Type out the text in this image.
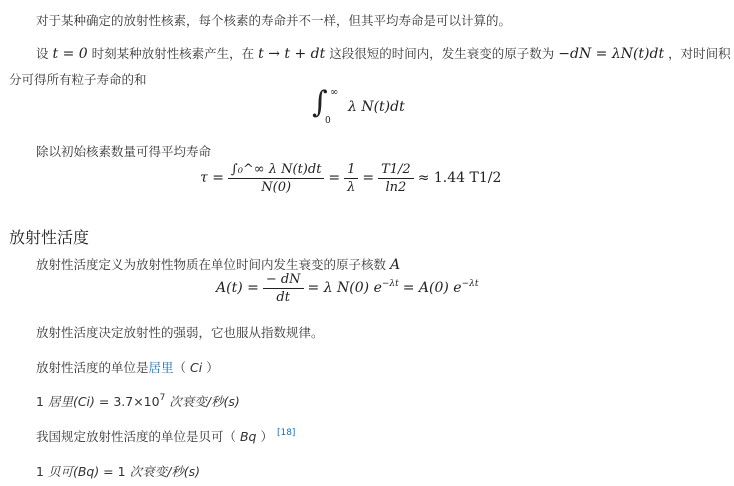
对于某种确定的放射性核素，每个核素的寿命并不一样，但其平均寿命是可以计算的。
设 t = 0 时刻某种放射性核素产生，在 t → t + dt 这段很短的时间内，发生衰变的原子数为 −dN = λN(t)dt ，对时间积
分可得所有粒子寿命的和
∫ ∞
0
λ N(t)dt
除以初始核素数量可得平均寿命
$\tau = \frac{\text{∫₀\textasciicircum{}∞ λ N(t)dt}}{N(0)} = \frac{1}{\lambda} = \frac{T1/2}{\ln 2} \approx 1.44$ T1/2
放射性活度
放射性活度定义为放射性物质在单位时间内发生衰变的原子核数 A
$A(t) = \frac{- dN}{dt} = \lambda$ N(0) $e^{-\lambda t} = A(0)$ $e^{-\lambda t}$
放射性活度决定放射性的强弱，它也服从指数规律。
放射性活度的单位是居里（ Ci ）
1 居里$(Ci) = 3.7\times 10^7$ 次衰变/秒(s)
我国规定放射性活度的单位是贝可（ Bq ） [18]
1 贝可(Bq) = 1 次衰变/秒(s)
